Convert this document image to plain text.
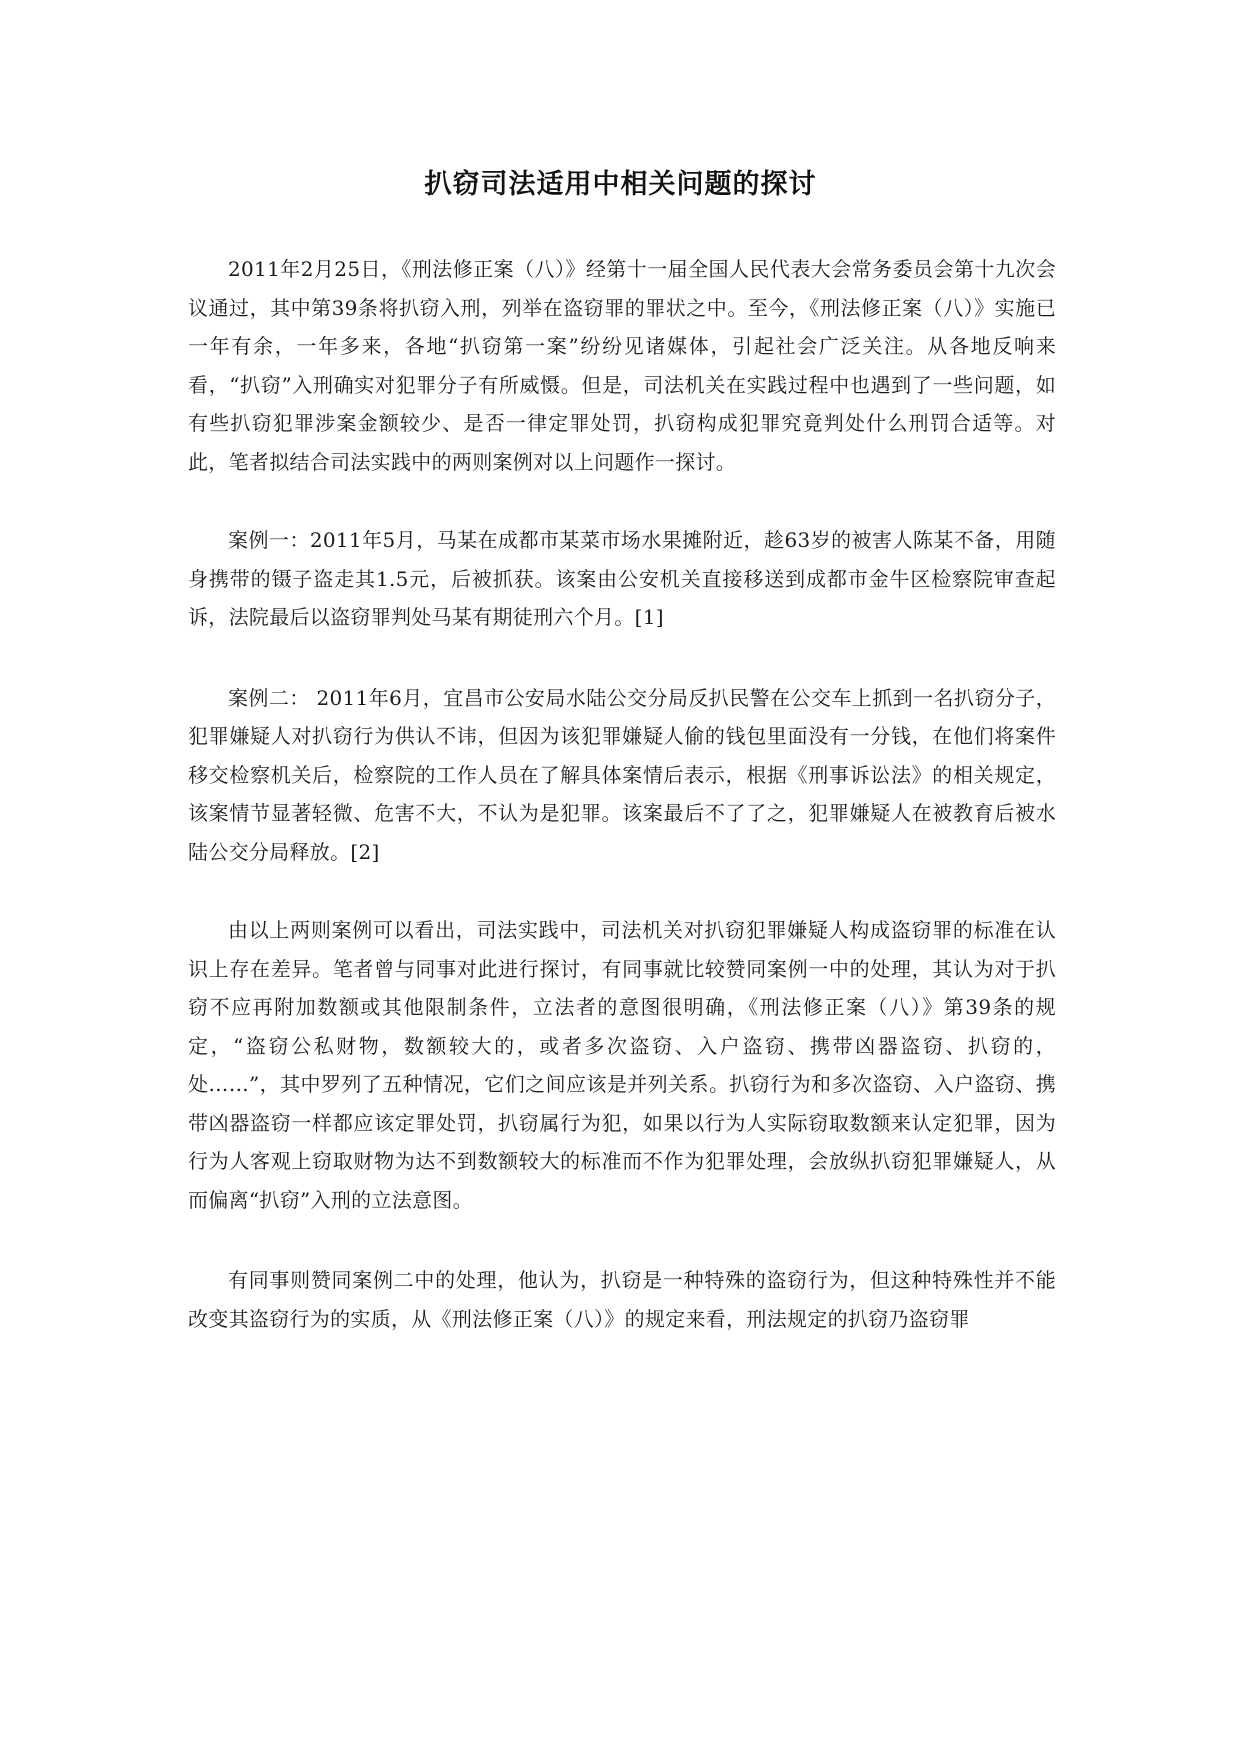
扒窃司法适用中相关问题的探讨

2011年2月25日，《刑法修正案（八）》经第十一届全国人民代表大会常务委员会第十九次会议通过，其中第39条将扒窃入刑，列举在盗窃罪的罪状之中。至今，《刑法修正案（八）》实施已一年有余，一年多来，各地“扒窃第一案”纷纷见诸媒体，引起社会广泛关注。从各地反响来看，“扒窃”入刑确实对犯罪分子有所威慑。但是，司法机关在实践过程中也遇到了一些问题，如有些扒窃犯罪涉案金额较少、是否一律定罪处罚，扒窃构成犯罪究竟判处什么刑罚合适等。对此，笔者拟结合司法实践中的两则案例对以上问题作一探讨。

案例一：2011年5月，马某在成都市某菜市场水果摊附近，趁63岁的被害人陈某不备，用随身携带的镊子盗走其1.5元，后被抓获。该案由公安机关直接移送到成都市金牛区检察院审查起诉，法院最后以盗窃罪判处马某有期徒刑六个月。[1]

案例二： 2011年6月，宜昌市公安局水陆公交分局反扒民警在公交车上抓到一名扒窃分子，犯罪嫌疑人对扒窃行为供认不讳，但因为该犯罪嫌疑人偷的钱包里面没有一分钱，在他们将案件移交检察机关后，检察院的工作人员在了解具体案情后表示，根据《刑事诉讼法》的相关规定，该案情节显著轻微、危害不大，不认为是犯罪。该案最后不了了之，犯罪嫌疑人在被教育后被水陆公交分局释放。[2]

由以上两则案例可以看出，司法实践中，司法机关对扒窃犯罪嫌疑人构成盗窃罪的标准在认识上存在差异。笔者曾与同事对此进行探讨，有同事就比较赞同案例一中的处理，其认为对于扒窃不应再附加数额或其他限制条件，立法者的意图很明确，《刑法修正案（八）》第39条的规定，“盗窃公私财物，数额较大的，或者多次盗窃、入户盗窃、携带凶器盗窃、扒窃的，处……”，其中罗列了五种情况，它们之间应该是并列关系。扒窃行为和多次盗窃、入户盗窃、携带凶器盗窃一样都应该定罪处罚，扒窃属行为犯，如果以行为人实际窃取数额来认定犯罪，因为行为人客观上窃取财物为达不到数额较大的标准而不作为犯罪处理，会放纵扒窃犯罪嫌疑人，从而偏离“扒窃”入刑的立法意图。

有同事则赞同案例二中的处理，他认为，扒窃是一种特殊的盗窃行为，但这种特殊性并不能改变其盗窃行为的实质，从《刑法修正案（八）》的规定来看，刑法规定的扒窃乃盗窃罪
